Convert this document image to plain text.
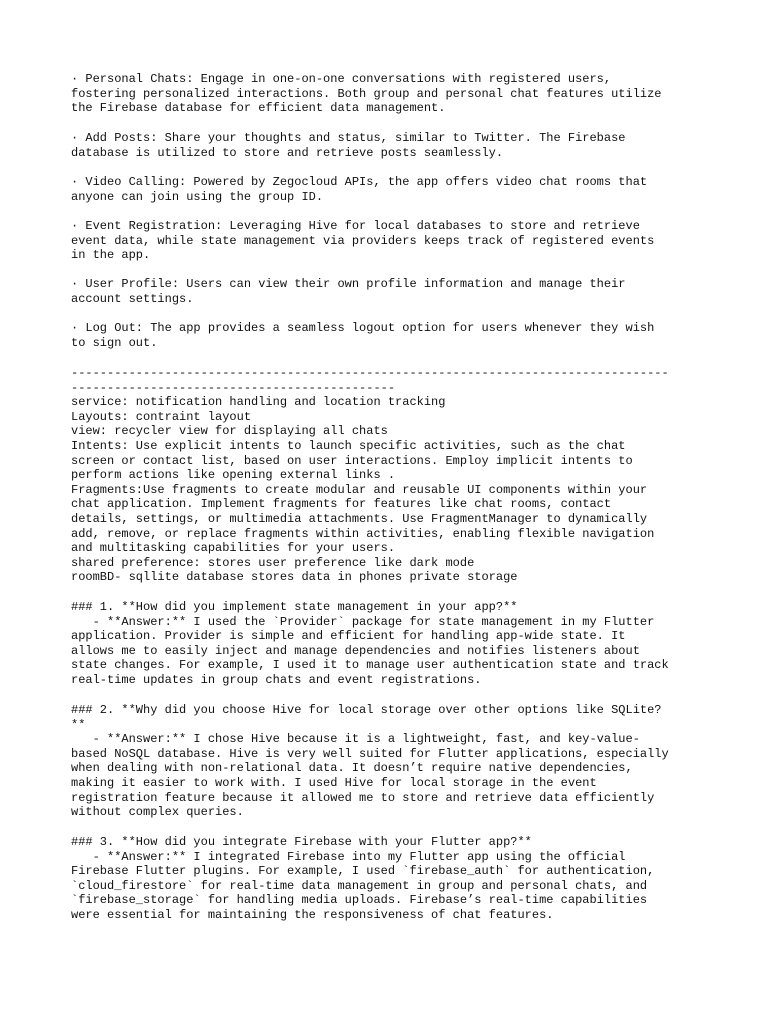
· Personal Chats: Engage in one-on-one conversations with registered users,
fostering personalized interactions. Both group and personal chat features utilize
the Firebase database for efficient data management.
· Add Posts: Share your thoughts and status, similar to Twitter. The Firebase
database is utilized to store and retrieve posts seamlessly.
· Video Calling: Powered by Zegocloud APIs, the app offers video chat rooms that
anyone can join using the group ID.
· Event Registration: Leveraging Hive for local databases to store and retrieve
event data, while state management via providers keeps track of registered events
in the app.
· User Profile: Users can view their own profile information and manage their
account settings.
· Log Out: The app provides a seamless logout option for users whenever they wish
to sign out.
-----------------------------------------------------------------------------------
---------------------------------------------
service: notification handling and location tracking
Layouts: contraint layout
view: recycler view for displaying all chats
Intents: Use explicit intents to launch specific activities, such as the chat
screen or contact list, based on user interactions. Employ implicit intents to
perform actions like opening external links .
Fragments:Use fragments to create modular and reusable UI components within your
chat application. Implement fragments for features like chat rooms, contact
details, settings, or multimedia attachments. Use FragmentManager to dynamically
add, remove, or replace fragments within activities, enabling flexible navigation
and multitasking capabilities for your users.
shared preference: stores user preference like dark mode
roomBD- sqllite database stores data in phones private storage
### 1. **How did you implement state management in your app?**
- **Answer:** I used the `Provider` package for state management in my Flutter
application. Provider is simple and efficient for handling app-wide state. It
allows me to easily inject and manage dependencies and notifies listeners about
state changes. For example, I used it to manage user authentication state and track
real-time updates in group chats and event registrations.
### 2. **Why did you choose Hive for local storage over other options like SQLite?
**
- **Answer:** I chose Hive because it is a lightweight, fast, and key-value-
based NoSQL database. Hive is very well suited for Flutter applications, especially
when dealing with non-relational data. It doesn’t require native dependencies,
making it easier to work with. I used Hive for local storage in the event
registration feature because it allowed me to store and retrieve data efficiently
without complex queries.
### 3. **How did you integrate Firebase with your Flutter app?**
- **Answer:** I integrated Firebase into my Flutter app using the official
Firebase Flutter plugins. For example, I used `firebase_auth` for authentication,
`cloud_firestore` for real-time data management in group and personal chats, and
`firebase_storage` for handling media uploads. Firebase’s real-time capabilities
were essential for maintaining the responsiveness of chat features.
